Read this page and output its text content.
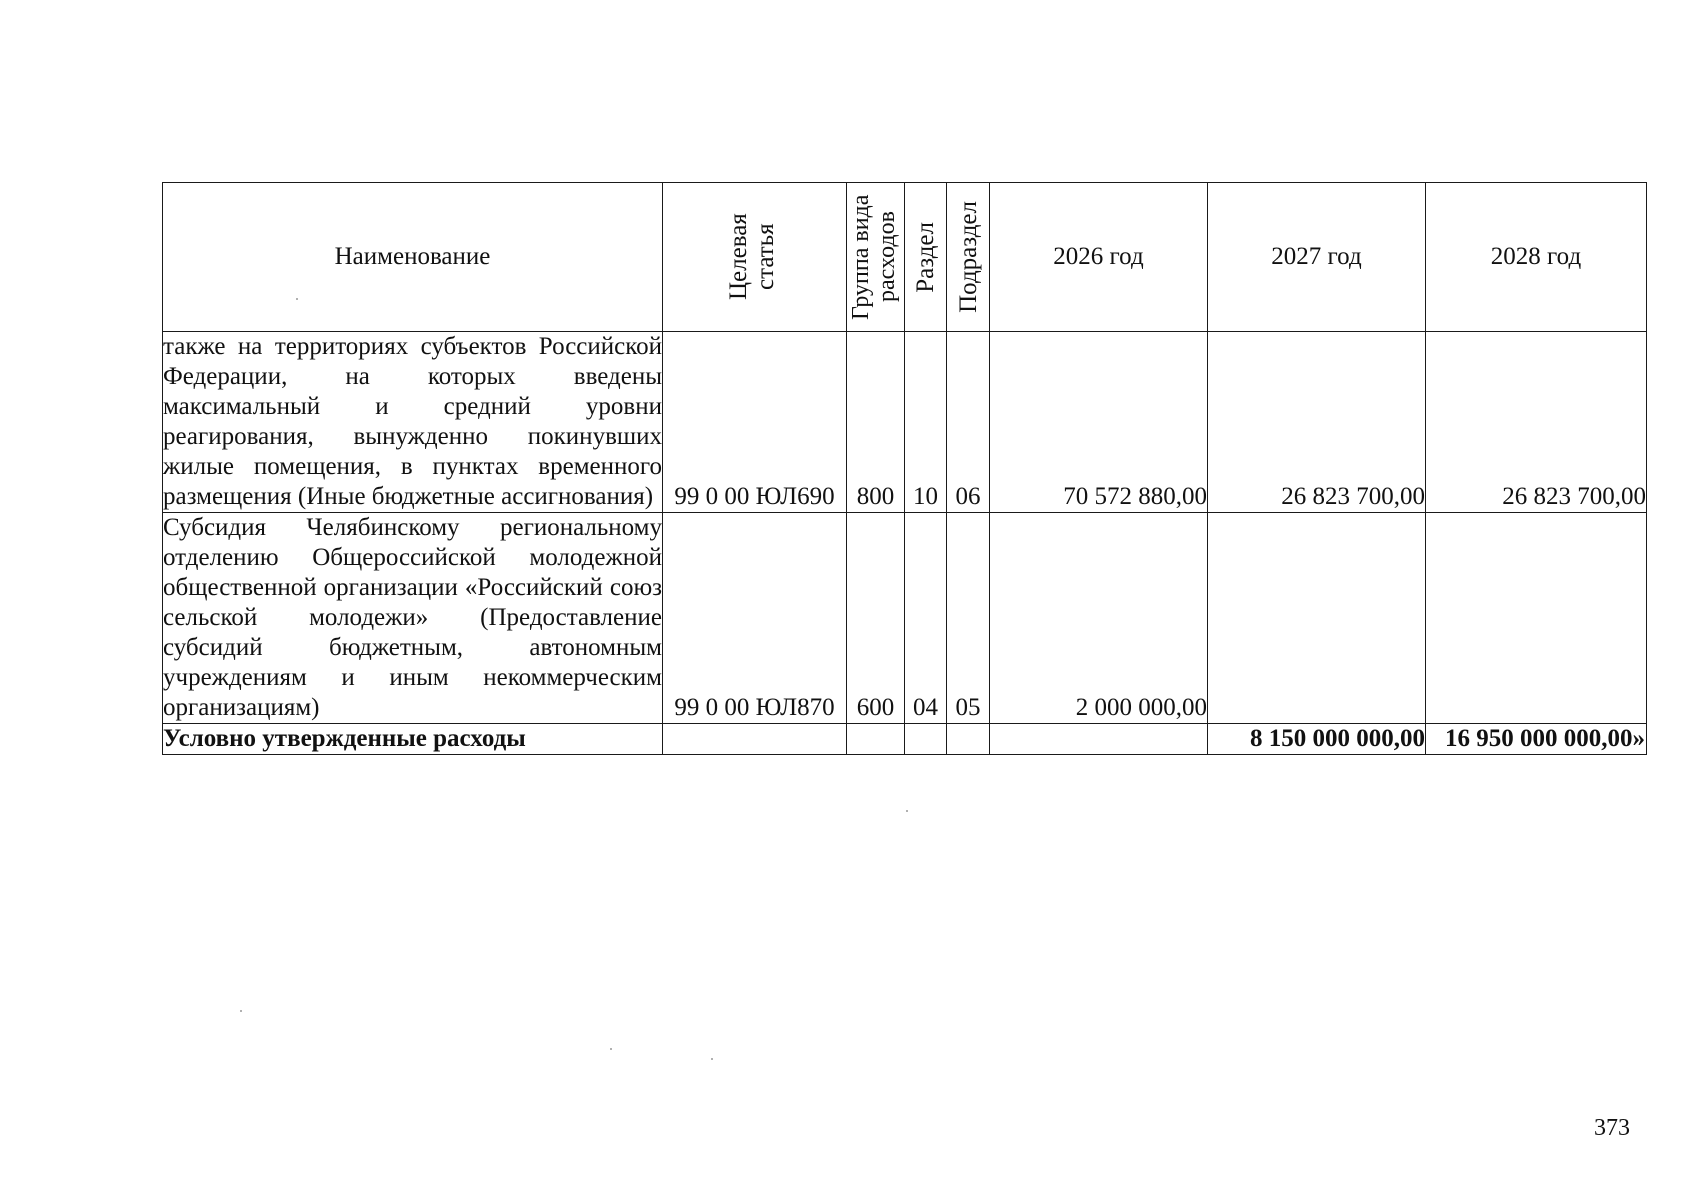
Наименование	Целевая статья	Группа вида расходов	Раздел	Подраздел	2026 год	2027 год	2028 год

также на территориях субъектов Российской Федерации, на которых введены максимальный и средний уровни реагирования, вынужденно покинувших жилые помещения, в пунктах временного размещения (Иные бюджетные ассигнования)	99 0 00 ЮЛ690	800	10	06	70 572 880,00	26 823 700,00	26 823 700,00

Субсидия Челябинскому региональному отделению Общероссийской молодежной общественной организации «Российский союз сельской молодежи» (Предоставление субсидий бюджетным, автономным учреждениям и иным некоммерческим организациям)	99 0 00 ЮЛ870	600	04	05	2 000 000,00		
Условно утвержденные расходы						8 150 000 000,00	16 950 000 000,00»
373
